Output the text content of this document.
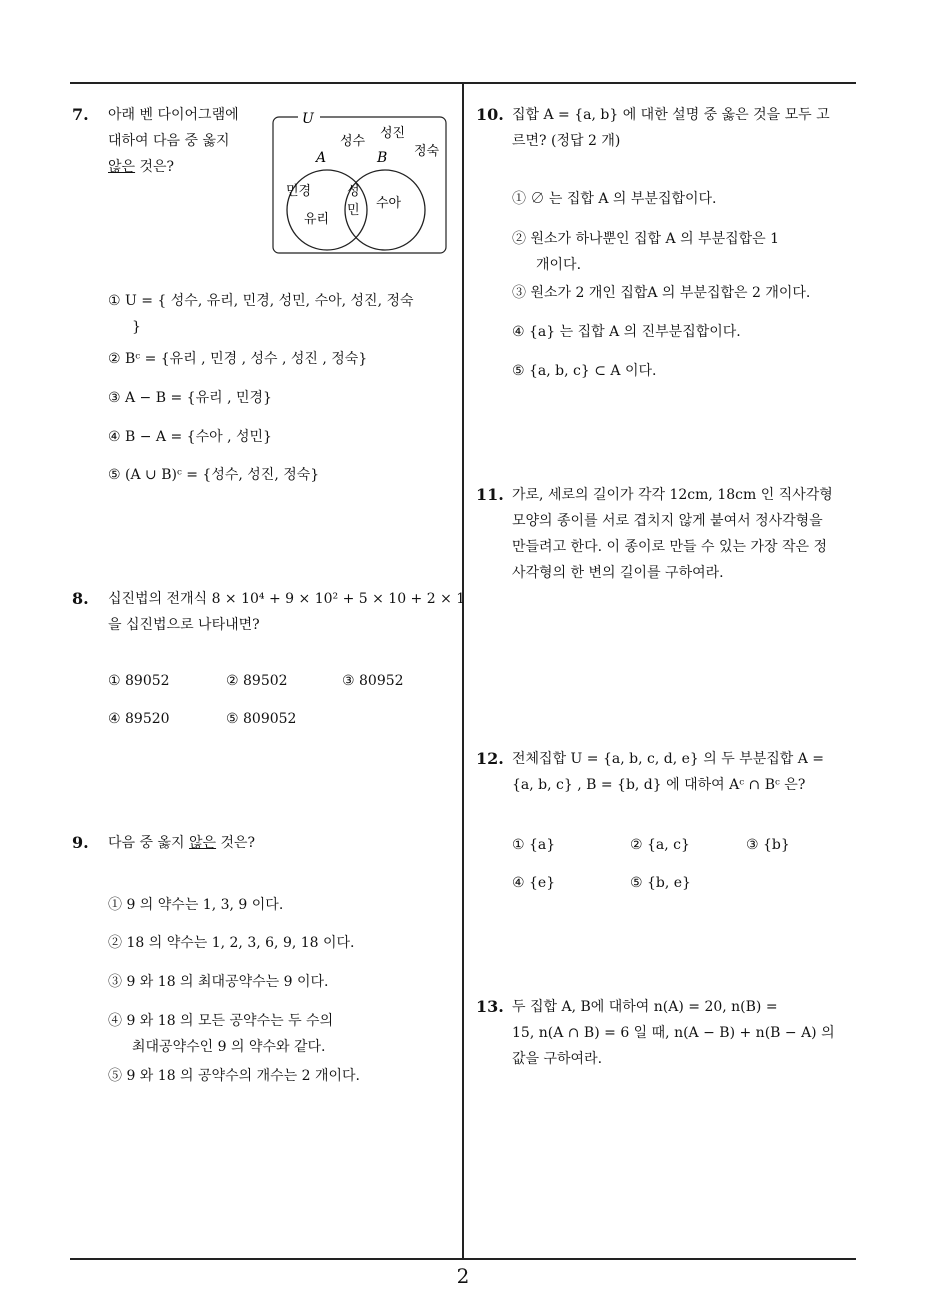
7. 아래 벤 다이어그램에
대하여 다음 중 옳지
않은 것은?
U
A	B
성수
성진
정숙
민경
유리
성
민 수아
① U = { 성수, 유리, 민경, 성민, 수아, 성진, 정숙
}
② Bᶜ = {유리 , 민경 , 성수 , 성진 , 정숙}
③ A − B = {유리 , 민경}
④ B − A = {수아 , 성민}
⑤ (A ∪ B)ᶜ = {성수, 성진, 정숙}
8. 십진법의 전개식 8 × 10⁴ + 9 × 10² + 5 × 10 + 2 × 1
을 십진법으로 나타내면?
① 89052	② 89502	③ 80952
④ 89520	⑤ 809052
9. 다음 중 옳지 않은 것은?
① 9 의 약수는 1, 3, 9 이다.
② 18 의 약수는 1, 2, 3, 6, 9, 18 이다.
③ 9 와 18 의 최대공약수는 9 이다.
④ 9 와 18 의 모든 공약수는 두 수의
최대공약수인 9 의 약수와 같다.
⑤ 9 와 18 의 공약수의 개수는 2 개이다.
10. 집합 A = {a, b} 에 대한 설명 중 옳은 것을 모두 고
르면? (정답 2 개)
① ∅ 는 집합 A 의 부분집합이다.
② 원소가 하나뿐인 집합 A 의 부분집합은 1
개이다.
③ 원소가 2 개인 집합A 의 부분집합은 2 개이다.
④ {a} 는 집합 A 의 진부분집합이다.
⑤ {a, b, c} ⊂ A 이다.
11. 가로, 세로의 길이가 각각 12cm, 18cm 인 직사각형
모양의 종이를 서로 겹치지 않게 붙여서 정사각형을
만들려고 한다. 이 종이로 만들 수 있는 가장 작은 정
사각형의 한 변의 길이를 구하여라.
12. 전체집합 U = {a, b, c, d, e} 의 두 부분집합 A =
{a, b, c} , B = {b, d} 에 대하여 Aᶜ ∩ Bᶜ 은?
① {a}	② {a, c}	③ {b}
④ {e}	⑤ {b, e}
13. 두 집합 A, B에 대하여 n(A) = 20, n(B) =
15, n(A ∩ B) = 6 일 때, n(A − B) + n(B − A) 의
값을 구하여라.
2
